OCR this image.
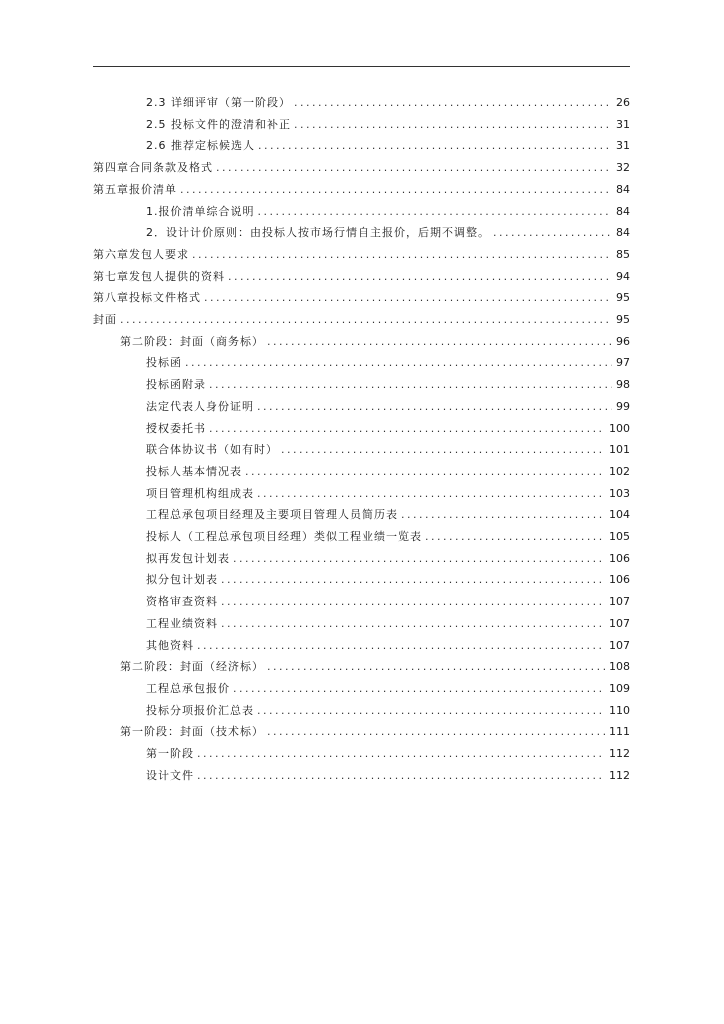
2.3 详细评审（第一阶段） . . .	26
2.5 投标文件的澄清和补正 . . .	31
2.6 推荐定标候选人 . . .	31
第四章合同条款及格式 . . .	32
第五章报价清单 . . .	84
1.报价清单综合说明 . . .	84
2．设计计价原则：由投标人按市场行情自主报价，后期不调整。 . . .	84
第六章发包人要求 . . .	85
第七章发包人提供的资料 . . .	94
第八章投标文件格式 . . .	95
封面 . . .	95
第二阶段：封面（商务标） . . .	96
投标函 . . .	97
投标函附录 . . .	98
法定代表人身份证明 . . .	99
授权委托书 . . .	100
联合体协议书（如有时） . . .	101
投标人基本情况表 . . .	102
项目管理机构组成表 . . .	103
工程总承包项目经理及主要项目管理人员简历表 . . .	104
投标人（工程总承包项目经理）类似工程业绩一览表 . . .	105
拟再发包计划表 . . .	106
拟分包计划表 . . .	106
资格审查资料 . . .	107
工程业绩资料 . . .	107
其他资料 . . .	107
第二阶段：封面（经济标） . . .	108
工程总承包报价 . . .	109
投标分项报价汇总表 . . .	110
第一阶段：封面（技术标） . . .	111
第一阶段 . . .	112
设计文件 . . .	112
